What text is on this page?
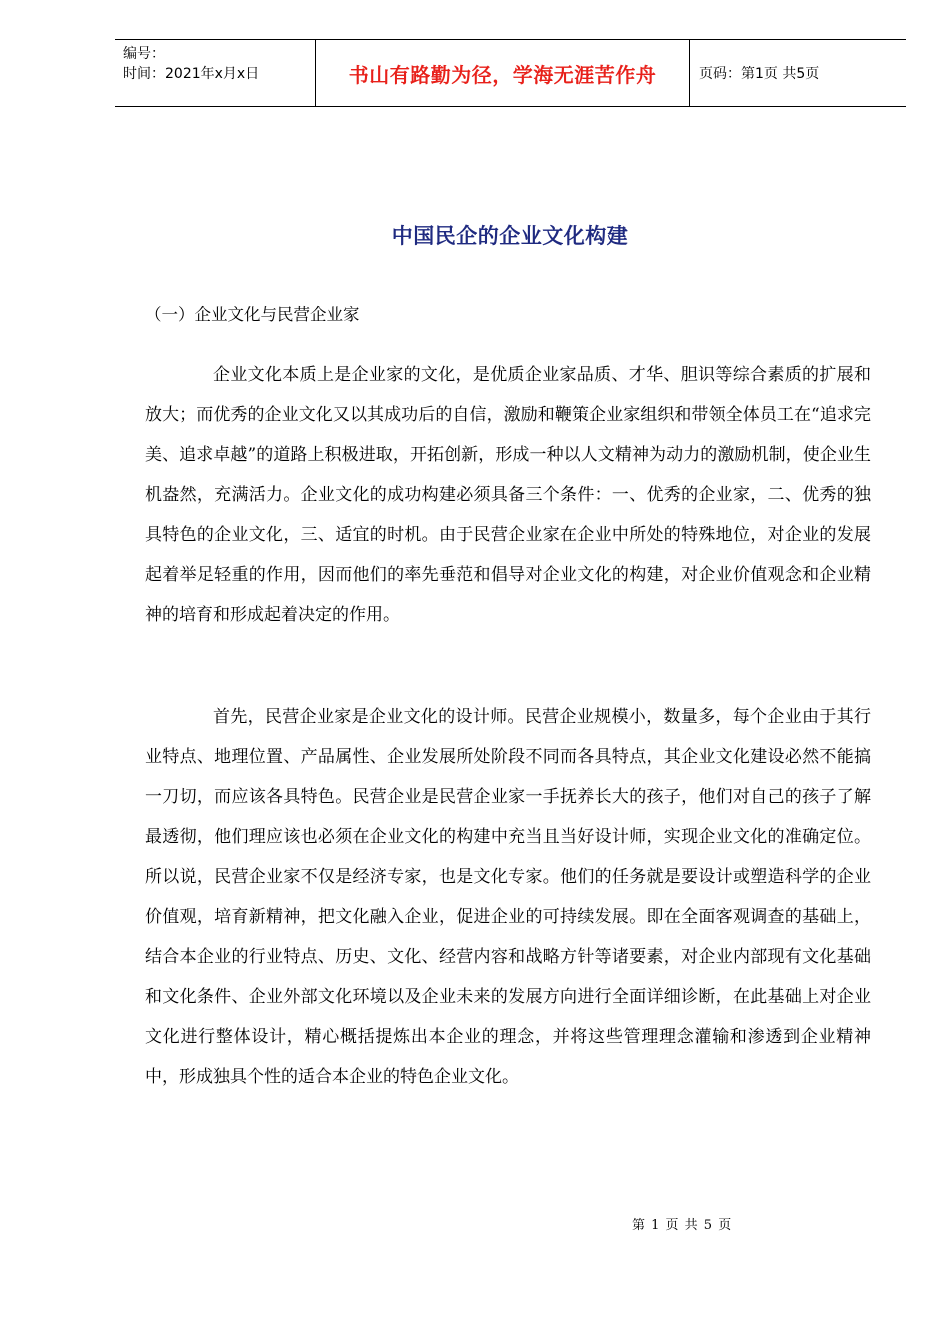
编号：
时间：2021年x月x日	书山有路勤为径，学海无涯苦作舟	页码：第1页 共5页
中国民企的企业文化构建
（一）企业文化与民营企业家

企业文化本质上是企业家的文化，是优质企业家品质、才华、胆识等综合素质的扩展和放大；而优秀的企业文化又以其成功后的自信，激励和鞭策企业家组织和带领全体员工在“追求完美、追求卓越”的道路上积极进取，开拓创新，形成一种以人文精神为动力的激励机制，使企业生机盎然，充满活力。企业文化的成功构建必须具备三个条件：一、优秀的企业家，二、优秀的独具特色的企业文化，三、适宜的时机。由于民营企业家在企业中所处的特殊地位，对企业的发展起着举足轻重的作用，因而他们的率先垂范和倡导对企业文化的构建，对企业价值观念和企业精神的培育和形成起着决定的作用。

首先，民营企业家是企业文化的设计师。民营企业规模小，数量多，每个企业由于其行业特点、地理位置、产品属性、企业发展所处阶段不同而各具特点，其企业文化建设必然不能搞一刀切，而应该各具特色。民营企业是民营企业家一手抚养长大的孩子，他们对自己的孩子了解最透彻，他们理应该也必须在企业文化的构建中充当且当好设计师，实现企业文化的准确定位。所以说，民营企业家不仅是经济专家，也是文化专家。他们的任务就是要设计或塑造科学的企业价值观，培育新精神，把文化融入企业，促进企业的可持续发展。即在全面客观调查的基础上，结合本企业的行业特点、历史、文化、经营内容和战略方针等诸要素，对企业内部现有文化基础和文化条件、企业外部文化环境以及企业未来的发展方向进行全面详细诊断，在此基础上对企业文化进行整体设计，精心概括提炼出本企业的理念，并将这些管理理念灌输和渗透到企业精神中，形成独具个性的适合本企业的特色企业文化。

第 1 页 共 5 页
